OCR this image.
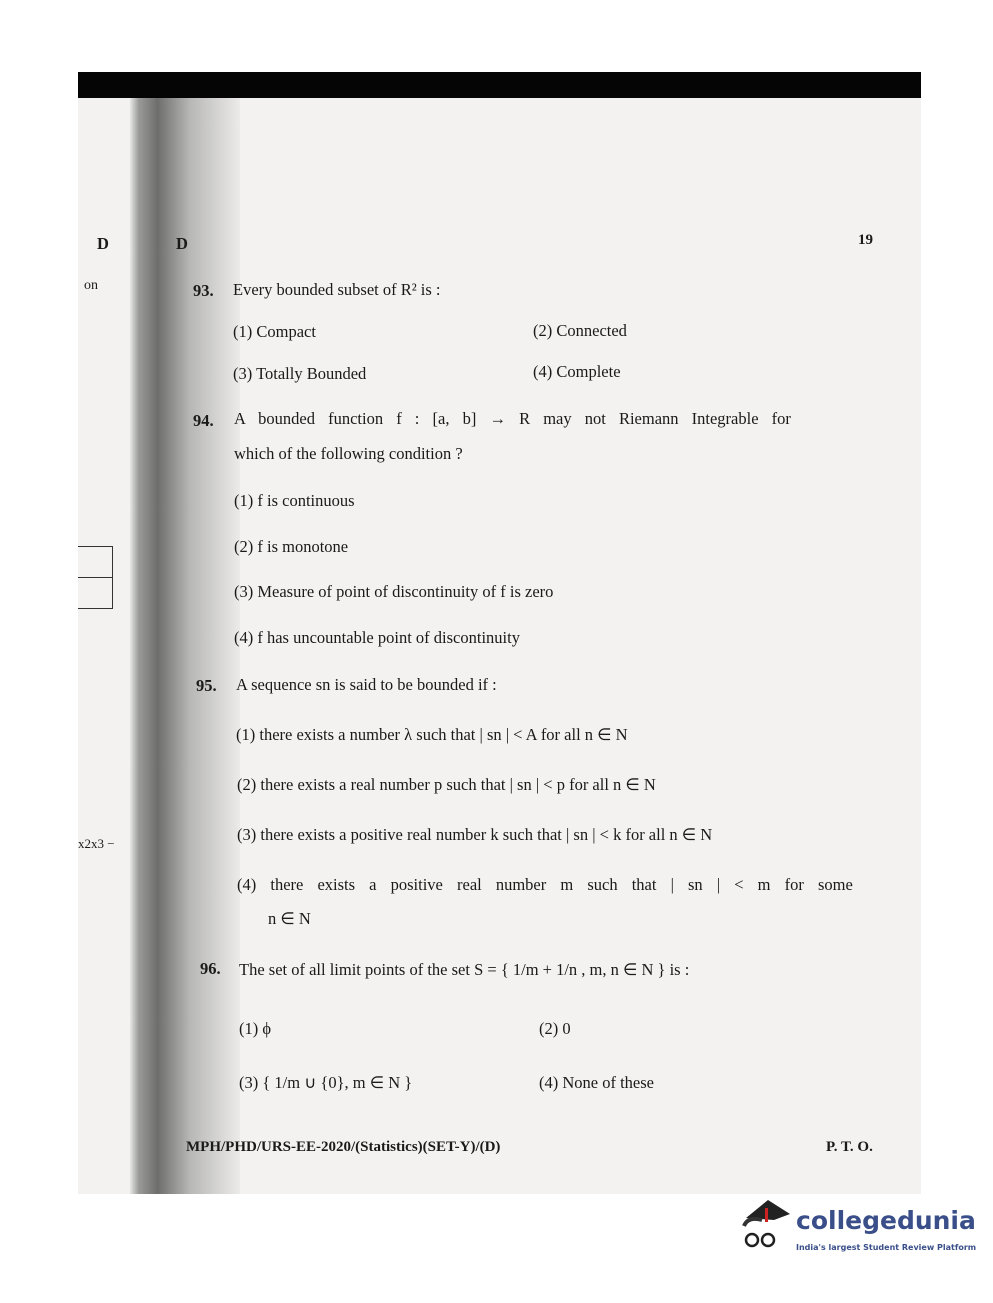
D
on
x2x3 −
D	19
93. Every bounded subset of R² is :
(1) Compact	(2) Connected
(3) Totally Bounded	(4) Complete
94. A bounded function f : [a, b] → R may not Riemann Integrable for
which of the following condition ?
(1) f is continuous
(2) f is monotone
(3) Measure of point of discontinuity of f is zero
(4) f has uncountable point of discontinuity
95. A sequence sn is said to be bounded if :
(1) there exists a number λ such that | sn | < A for all n ∈ N
(2) there exists a real number p such that | sn | < p for all n ∈ N
(3) there exists a positive real number k such that | sn | < k for all n ∈ N
(4) there exists a positive real number m such that | sn | < m for some
n ∈ N
96. The set of all limit points of the set S = { 1/m + 1/n , m, n ∈ N } is :
(1) ϕ	(2) 0
(3) { 1/m ∪ {0}, m ∈ N }	(4) None of these
MPH/PHD/URS-EE-2020/(Statistics)(SET-Y)/(D)	P. T. O.
collegedunia
India's largest Student Review Platform
